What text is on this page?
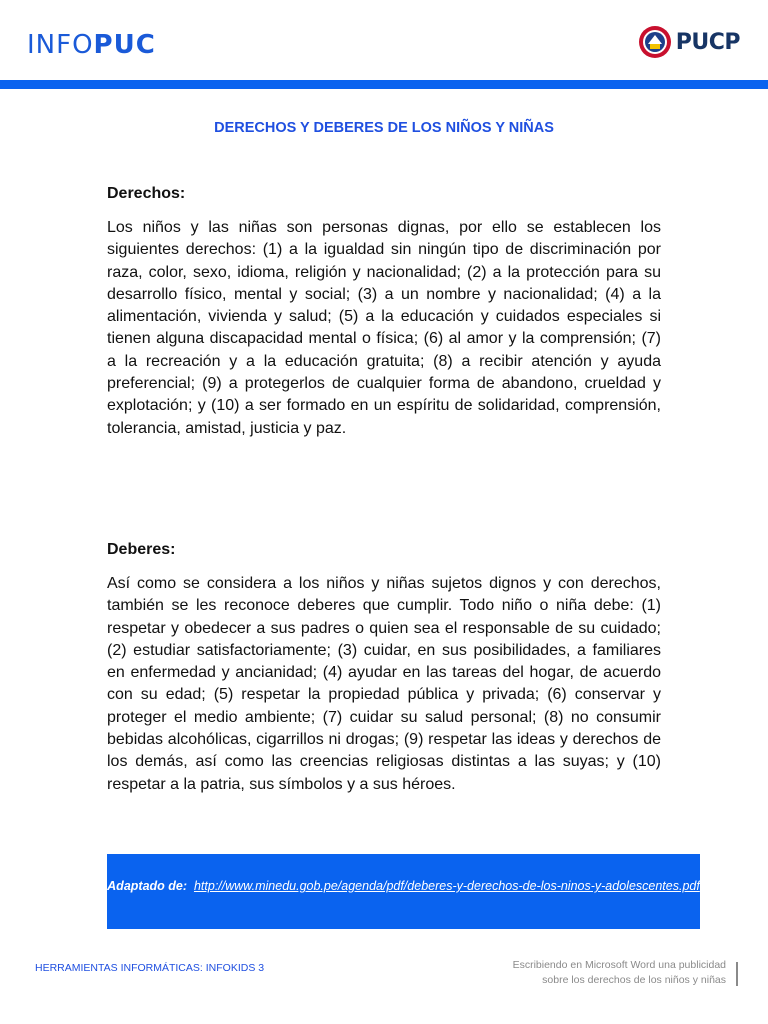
INFOPUC	PUCP
DERECHOS Y DEBERES DE LOS NIÑOS Y NIÑAS
Derechos:

Los niños y las niñas son personas dignas, por ello se establecen los siguientes derechos: (1) a la igualdad sin ningún tipo de discriminación por raza, color, sexo, idioma, religión y nacionalidad; (2) a la protección para su desarrollo físico, mental y social; (3) a un nombre y nacionalidad; (4) a la alimentación, vivienda y salud; (5) a la educación y cuidados especiales si tienen alguna discapacidad mental o física; (6) al amor y la comprensión; (7) a la recreación y a la educación gratuita; (8) a recibir atención y ayuda preferencial; (9) a protegerlos de cualquier forma de abandono, crueldad y explotación; y (10) a ser formado en un espíritu de solidaridad, comprensión, tolerancia, amistad, justicia y paz.

Deberes:

Así como se considera a los niños y niñas sujetos dignos y con derechos, también se les reconoce deberes que cumplir. Todo niño o niña debe: (1) respetar y obedecer a sus padres o quien sea el responsable de su cuidado; (2) estudiar satisfactoriamente; (3) cuidar, en sus posibilidades, a familiares en enfermedad y ancianidad; (4) ayudar en las tareas del hogar, de acuerdo con su edad; (5) respetar la propiedad pública y privada; (6) conservar y proteger el medio ambiente; (7) cuidar su salud personal; (8) no consumir bebidas alcohólicas, cigarrillos ni drogas; (9) respetar las ideas y derechos de los demás, así como las creencias religiosas distintas a las suyas; y (10) respetar a la patria, sus símbolos y a sus héroes.

Adaptado de: http://www.minedu.gob.pe/agenda/pdf/deberes-y-derechos-de-los-ninos-y-adolescentes.pdf
HERRAMIENTAS INFORMÁTICAS: INFOKIDS 3	Escribiendo en Microsoft Word una publicidad
sobre los derechos de los niños y niñas
